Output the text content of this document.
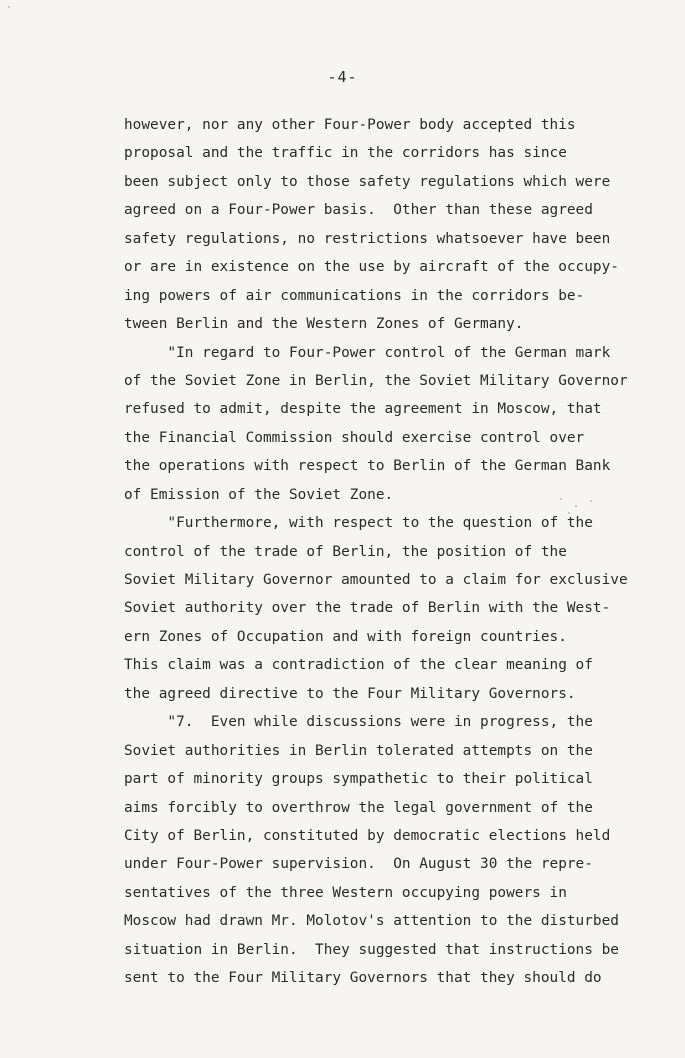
-4-
however, nor any other Four-Power body accepted this
proposal and the traffic in the corridors has since
been subject only to those safety regulations which were
agreed on a Four-Power basis.  Other than these agreed
safety regulations, no restrictions whatsoever have been
or are in existence on the use by aircraft of the occupy-
ing powers of air communications in the corridors be-
tween Berlin and the Western Zones of Germany.
"In regard to Four-Power control of the German mark
of the Soviet Zone in Berlin, the Soviet Military Governor
refused to admit, despite the agreement in Moscow, that
the Financial Commission should exercise control over
the operations with respect to Berlin of the German Bank
of Emission of the Soviet Zone.
"Furthermore, with respect to the question of the
control of the trade of Berlin, the position of the
Soviet Military Governor amounted to a claim for exclusive
Soviet authority over the trade of Berlin with the West-
ern Zones of Occupation and with foreign countries.
This claim was a contradiction of the clear meaning of
the agreed directive to the Four Military Governors.
"7.  Even while discussions were in progress, the
Soviet authorities in Berlin tolerated attempts on the
part of minority groups sympathetic to their political
aims forcibly to overthrow the legal government of the
City of Berlin, constituted by democratic elections held
under Four-Power supervision.  On August 30 the repre-
sentatives of the three Western occupying powers in
Moscow had drawn Mr. Molotov's attention to the disturbed
situation in Berlin.  They suggested that instructions be
sent to the Four Military Governors that they should do
